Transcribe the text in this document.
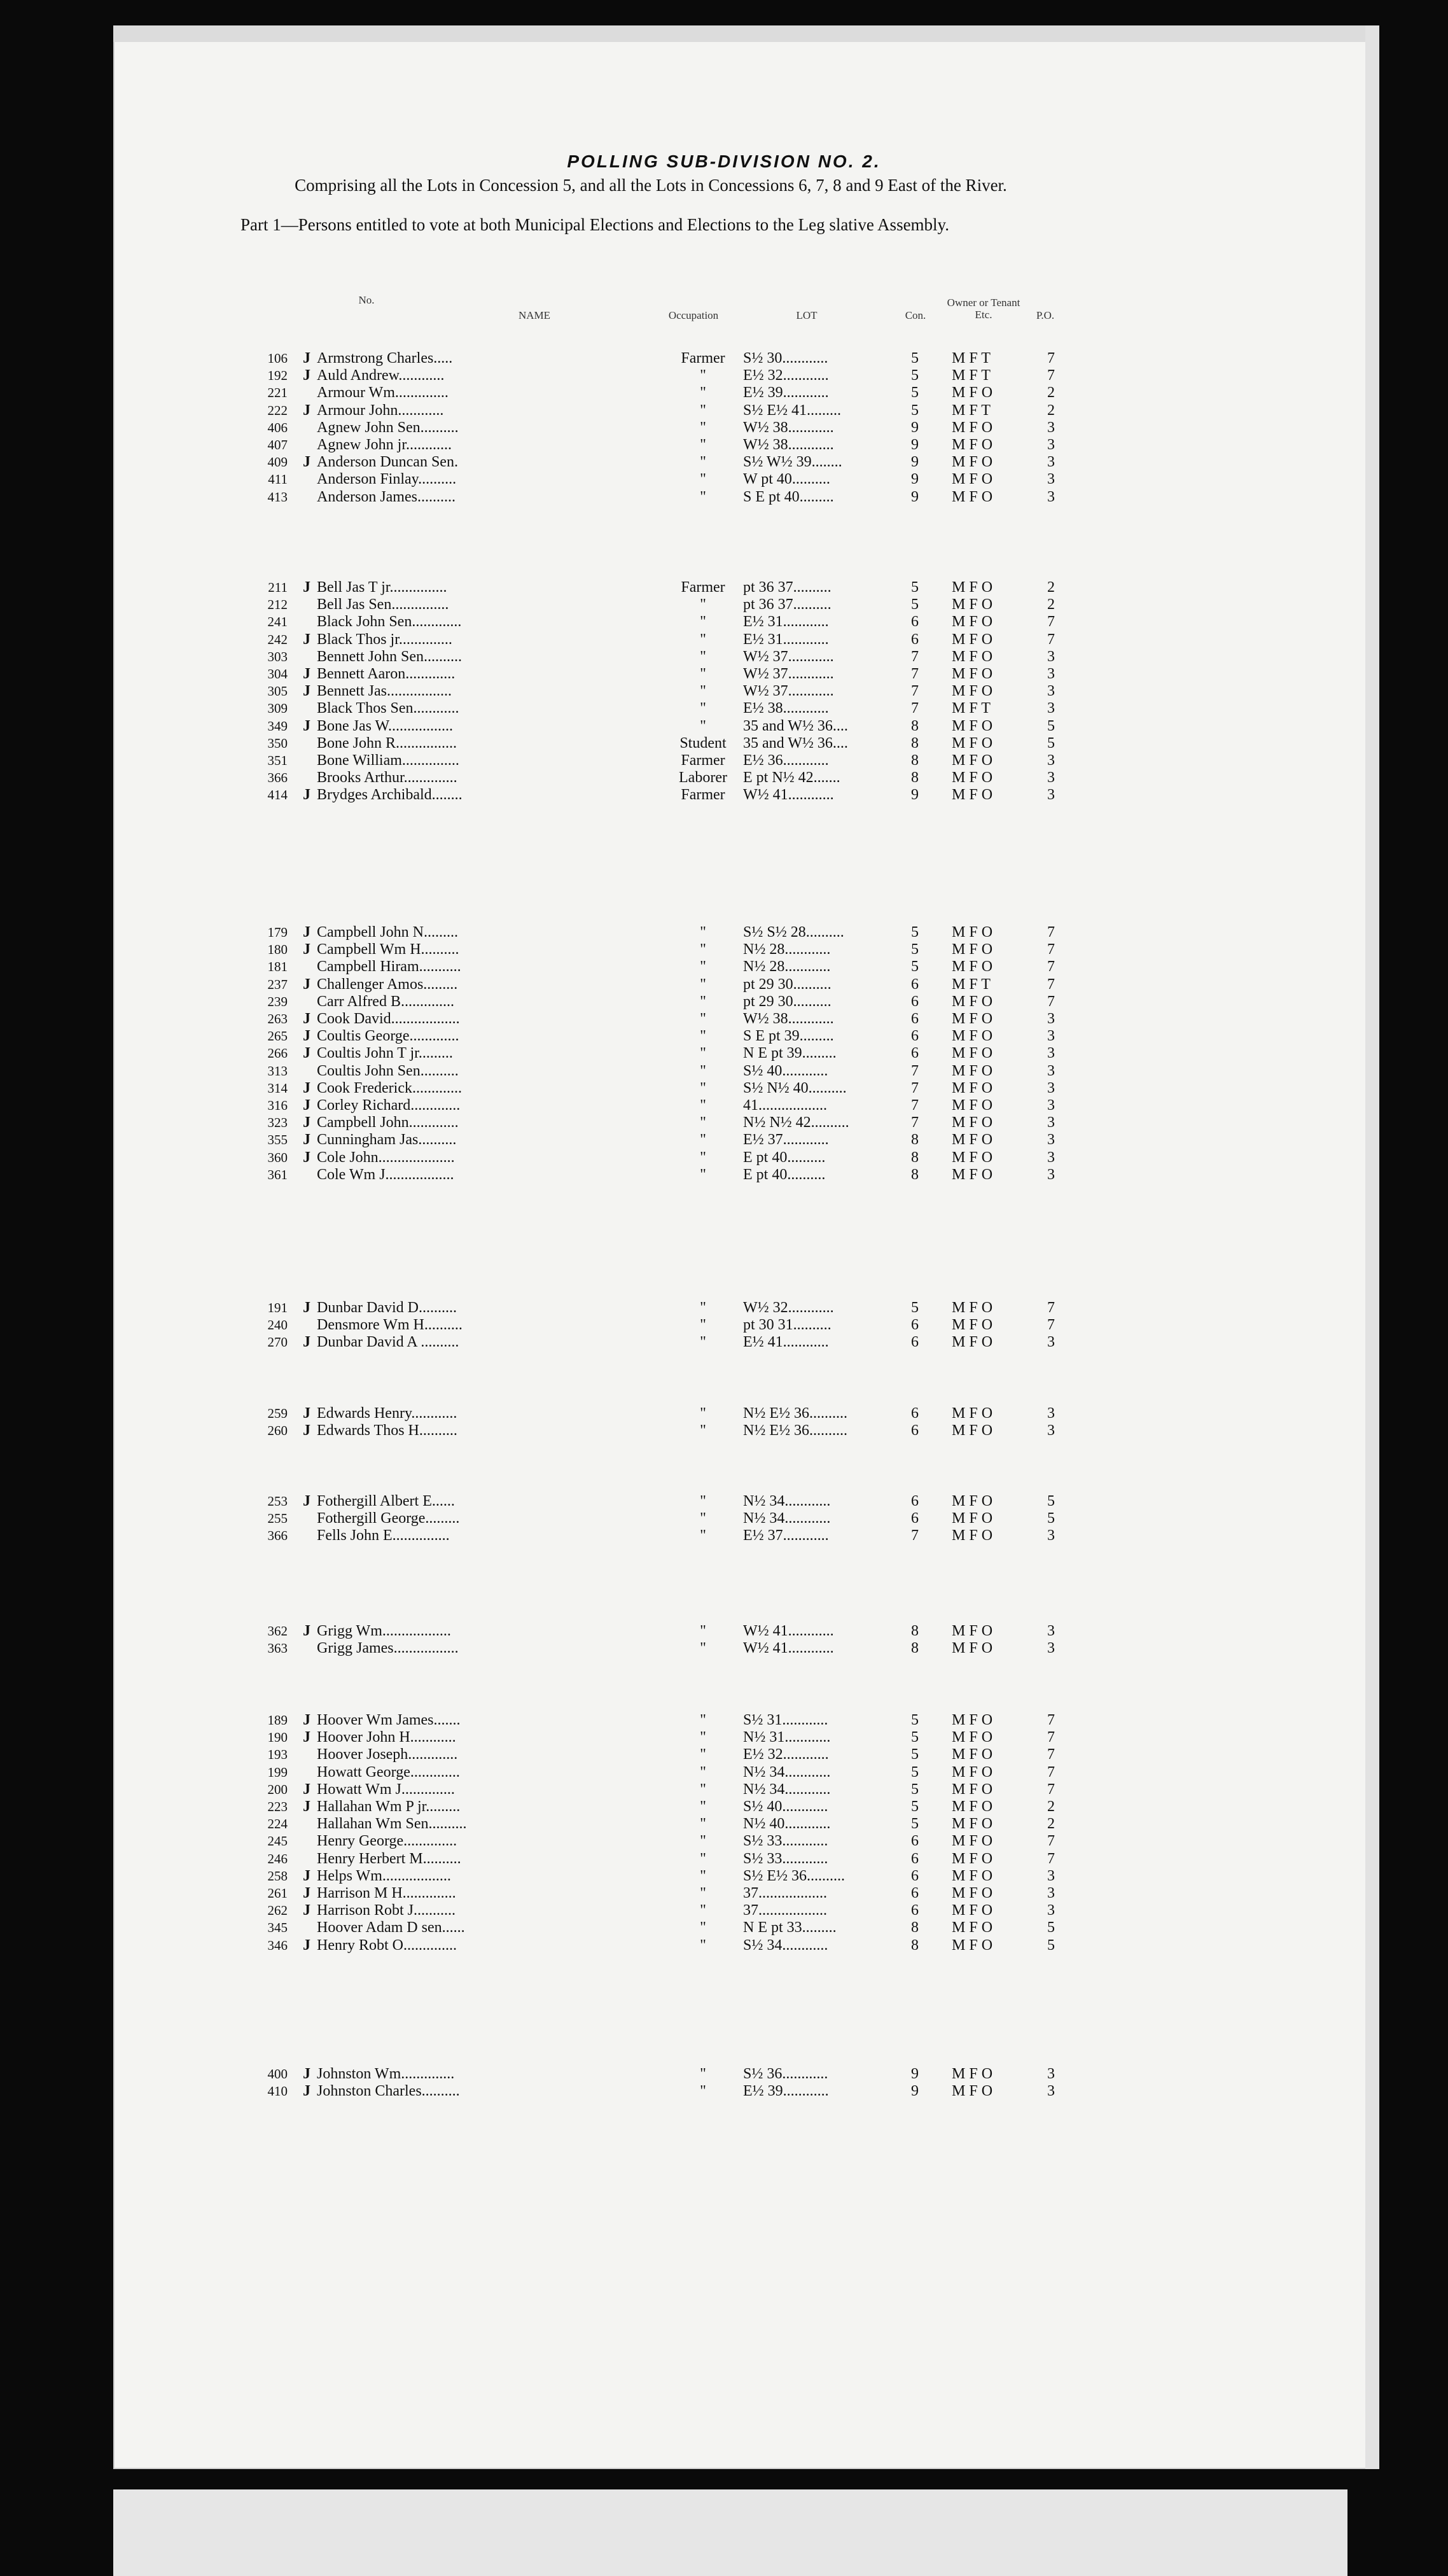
POLLING SUB-DIVISION NO. 2.
Comprising all the Lots in Concession 5, and all the Lots in Concessions 6, 7, 8 and 9 East of the River.
Part 1—Persons entitled to vote at both Municipal Elections and Elections to the Leg slative Assembly.
No.
NAME	Occupation	LOT	Con.
Owner or Tenant Etc.	P.O.
106 J Armstrong Charles.....	Farmer	S½ 30............	5	M F T	7
192 J Auld Andrew............	"	E½ 32............	5	M F T	7
221 Armour Wm..............	"	E½ 39............	5	M F O	2
222 J Armour John............	"	S½ E½ 41.........	5	M F T	2
406 Agnew John Sen..........	"	W½ 38............	9	M F O	3
407 Agnew John jr............	"	W½ 38............	9	M F O	3
409 J Anderson Duncan Sen.	"	S½ W½ 39........	9	M F O	3
411 Anderson Finlay..........	"	W pt 40..........	9	M F O	3
413 Anderson James..........	"	S E pt 40.........	9	M F O	3
211 J Bell Jas T jr...............	Farmer	pt 36 37..........	5	M F O	2
212 Bell Jas Sen...............	"	pt 36 37..........	5	M F O	2
241 Black John Sen.............	"	E½ 31............	6	M F O	7
242 J Black Thos jr..............	"	E½ 31............	6	M F O	7
303 Bennett John Sen..........	"	W½ 37............	7	M F O	3
304 J Bennett Aaron.............	"	W½ 37............	7	M F O	3
305 J Bennett Jas.................	"	W½ 37............	7	M F O	3
309 Black Thos Sen............	"	E½ 38............	7	M F T	3
349 J Bone Jas W.................	"	35 and W½ 36....	8	M F O	5
350 Bone John R................	Student	35 and W½ 36....	8	M F O	5
351 Bone William...............	Farmer	E½ 36............	8	M F O	3
366 Brooks Arthur..............	Laborer	E pt N½ 42.......	8	M F O	3
414 J Brydges Archibald........	Farmer	W½ 41............	9	M F O	3
179 J Campbell John N.........	"	S½ S½ 28..........	5	M F O	7
180 J Campbell Wm H..........	"	N½ 28............	5	M F O	7
181 Campbell Hiram...........	"	N½ 28............	5	M F O	7
237 J Challenger Amos.........	"	pt 29 30..........	6	M F T	7
239 Carr Alfred B..............	"	pt 29 30..........	6	M F O	7
263 J Cook David..................	"	W½ 38............	6	M F O	3
265 J Coultis George.............	"	S E pt 39.........	6	M F O	3
266 J Coultis John T jr.........	"	N E pt 39.........	6	M F O	3
313 Coultis John Sen..........	"	S½ 40............	7	M F O	3
314 J Cook Frederick.............	"	S½ N½ 40..........	7	M F O	3
316 J Corley Richard.............	"	41..................	7	M F O	3
323 J Campbell John.............	"	N½ N½ 42..........	7	M F O	3
355 J Cunningham Jas..........	"	E½ 37............	8	M F O	3
360 J Cole John....................	"	E pt 40..........	8	M F O	3
361 Cole Wm J..................	"	E pt 40..........	8	M F O	3
191 J Dunbar David D..........	"	W½ 32............	5	M F O	7
240 Densmore Wm H..........	"	pt 30 31..........	6	M F O	7
270 J Dunbar David A ..........	"	E½ 41............	6	M F O	3
259 J Edwards Henry............	"	N½ E½ 36..........	6	M F O	3
260 J Edwards Thos H..........	"	N½ E½ 36..........	6	M F O	3
253 J Fothergill Albert E......	"	N½ 34............	6	M F O	5
255 Fothergill George.........	"	N½ 34............	6	M F O	5
366 Fells John E...............	"	E½ 37............	7	M F O	3
362 J Grigg Wm..................	"	W½ 41............	8	M F O	3
363 Grigg James.................	"	W½ 41............	8	M F O	3
189 J Hoover Wm James.......	"	S½ 31............	5	M F O	7
190 J Hoover John H............	"	N½ 31............	5	M F O	7
193 Hoover Joseph.............	"	E½ 32............	5	M F O	7
199 Howatt George.............	"	N½ 34............	5	M F O	7
200 J Howatt Wm J..............	"	N½ 34............	5	M F O	7
223 J Hallahan Wm P jr.........	"	S½ 40............	5	M F O	2
224 Hallahan Wm Sen..........	"	N½ 40............	5	M F O	2
245 Henry George..............	"	S½ 33............	6	M F O	7
246 Henry Herbert M..........	"	S½ 33............	6	M F O	7
258 J Helps Wm..................	"	S½ E½ 36..........	6	M F O	3
261 J Harrison M H..............	"	37..................	6	M F O	3
262 J Harrison Robt J...........	"	37..................	6	M F O	3
345 Hoover Adam D sen......	"	N E pt 33.........	8	M F O	5
346 J Henry Robt O..............	"	S½ 34............	8	M F O	5
400 J Johnston Wm..............	"	S½ 36............	9	M F O	3
410 J Johnston Charles..........	"	E½ 39............	9	M F O	3
